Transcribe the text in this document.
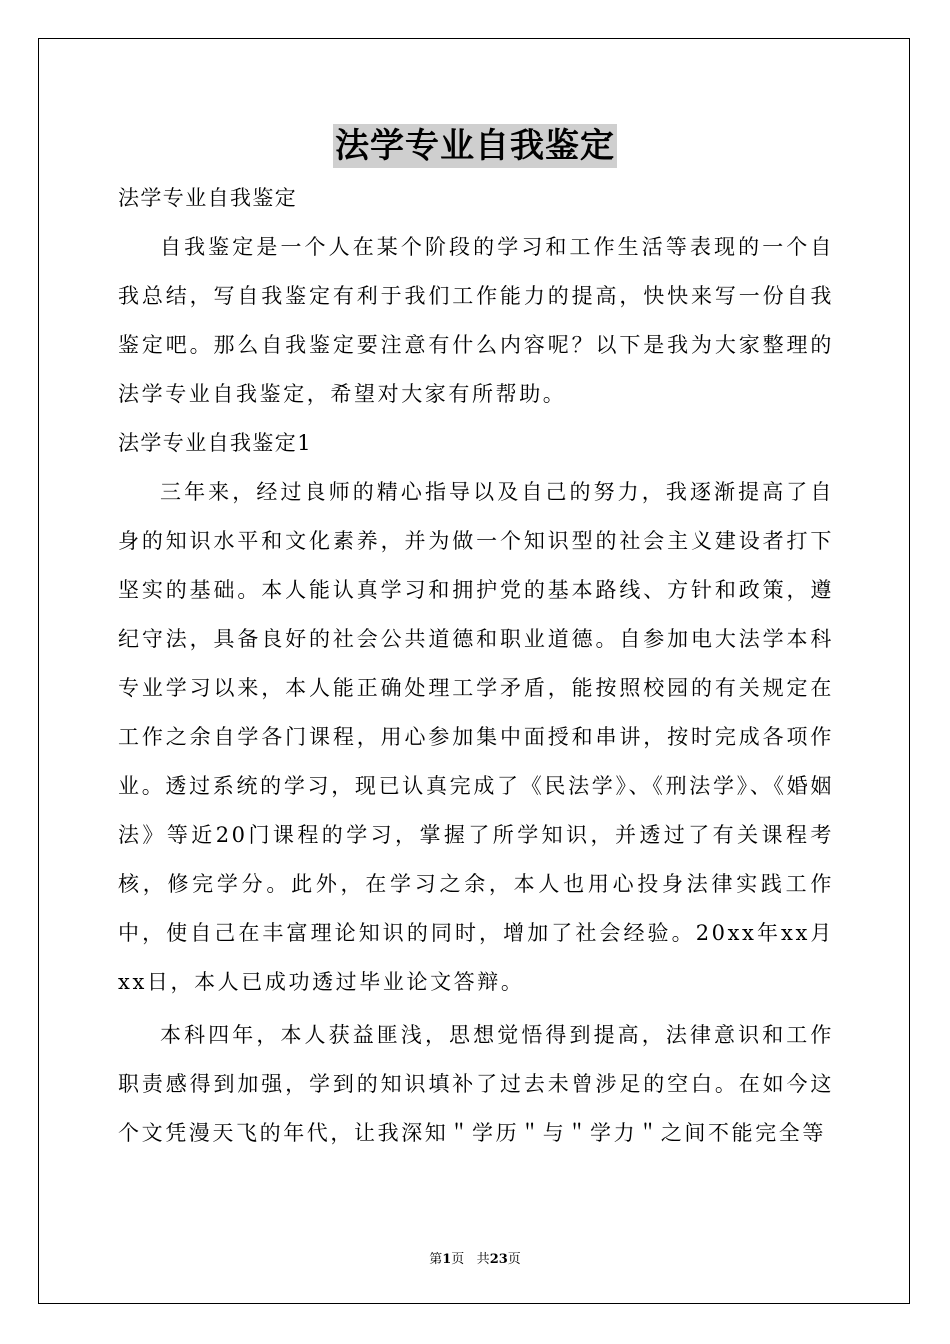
法学专业自我鉴定

法学专业自我鉴定

自我鉴定是一个人在某个阶段的学习和工作生活等表现的一个自我总结，写自我鉴定有利于我们工作能力的提高，快快来写一份自我鉴定吧。那么自我鉴定要注意有什么内容呢？以下是我为大家整理的法学专业自我鉴定，希望对大家有所帮助。

法学专业自我鉴定1

三年来，经过良师的精心指导以及自己的努力，我逐渐提高了自身的知识水平和文化素养，并为做一个知识型的社会主义建设者打下坚实的基础。本人能认真学习和拥护党的基本路线、方针和政策，遵纪守法，具备良好的社会公共道德和职业道德。自参加电大法学本科专业学习以来，本人能正确处理工学矛盾，能按照校园的有关规定在工作之余自学各门课程，用心参加集中面授和串讲，按时完成各项作业。透过系统的学习，现已认真完成了《民法学》、《刑法学》、《婚姻法》等近20门课程的学习，掌握了所学知识，并透过了有关课程考核，修完学分。此外，在学习之余，本人也用心投身法律实践工作中，使自己在丰富理论知识的同时，增加了社会经验。20xx年xx月xx日，本人已成功透过毕业论文答辩。

本科四年，本人获益匪浅，思想觉悟得到提高，法律意识和工作职责感得到加强，学到的知识填补了过去未曾涉足的空白。在如今这个文凭漫天飞的年代，让我深知＂学历＂与＂学力＂之间不能完全等

第1页 共23页
